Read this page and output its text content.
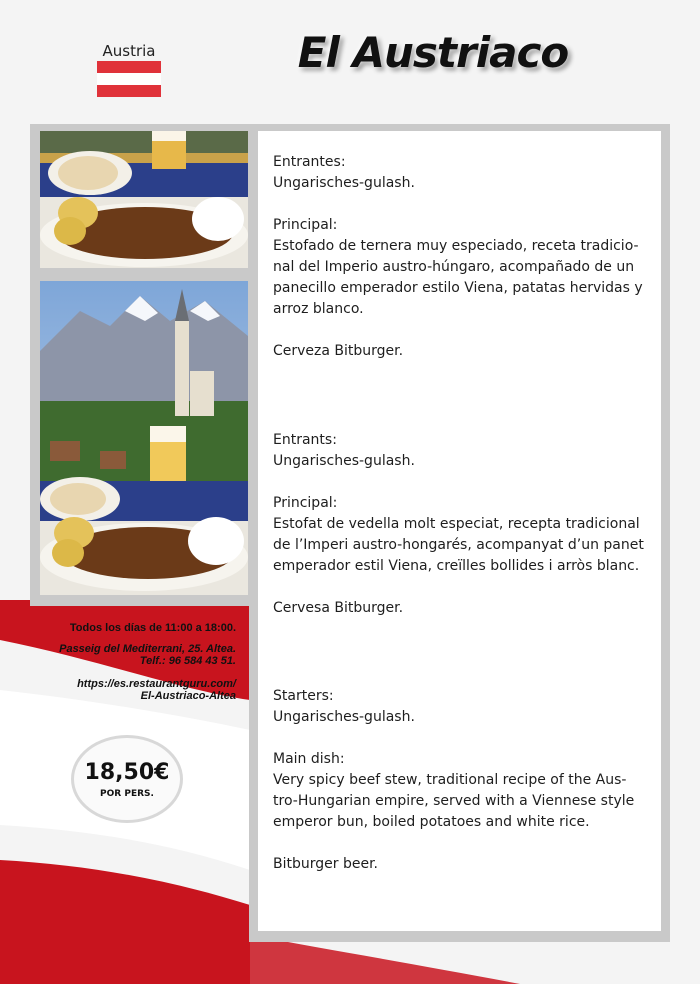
Austria	El Austriaco

Entrantes:

Ungarisches-gulash.

Principal:

Estofado de ternera muy especiado, receta tradicio-

nal del Imperio austro-húngaro, acompañado de un

panecillo emperador estilo Viena, patatas hervidas y

arroz blanco.

Cerveza Bitburger.

Entrants:

Ungarisches-gulash.

Principal:

Estofat de vedella molt especiat, recepta tradicional

de l’Imperi austro-hongarés, acompanyat d’un panet

emperador estil Viena, creïlles bollides i arròs blanc.

Cervesa Bitburger.

Starters:

Ungarisches-gulash.

Main dish:

Very spicy beef stew, traditional recipe of the Aus-

tro-Hungarian empire, served with a Viennese style

emperor bun, boiled potatoes and white rice.

Bitburger beer.

Todos los días de 11:00 a 18:00.
Passeig del Mediterrani, 25. Altea.
Telf.: 96 584 43 51.
https://es.restaurantguru.com/
El-Austriaco-Altea
18,50€
POR PERS.
